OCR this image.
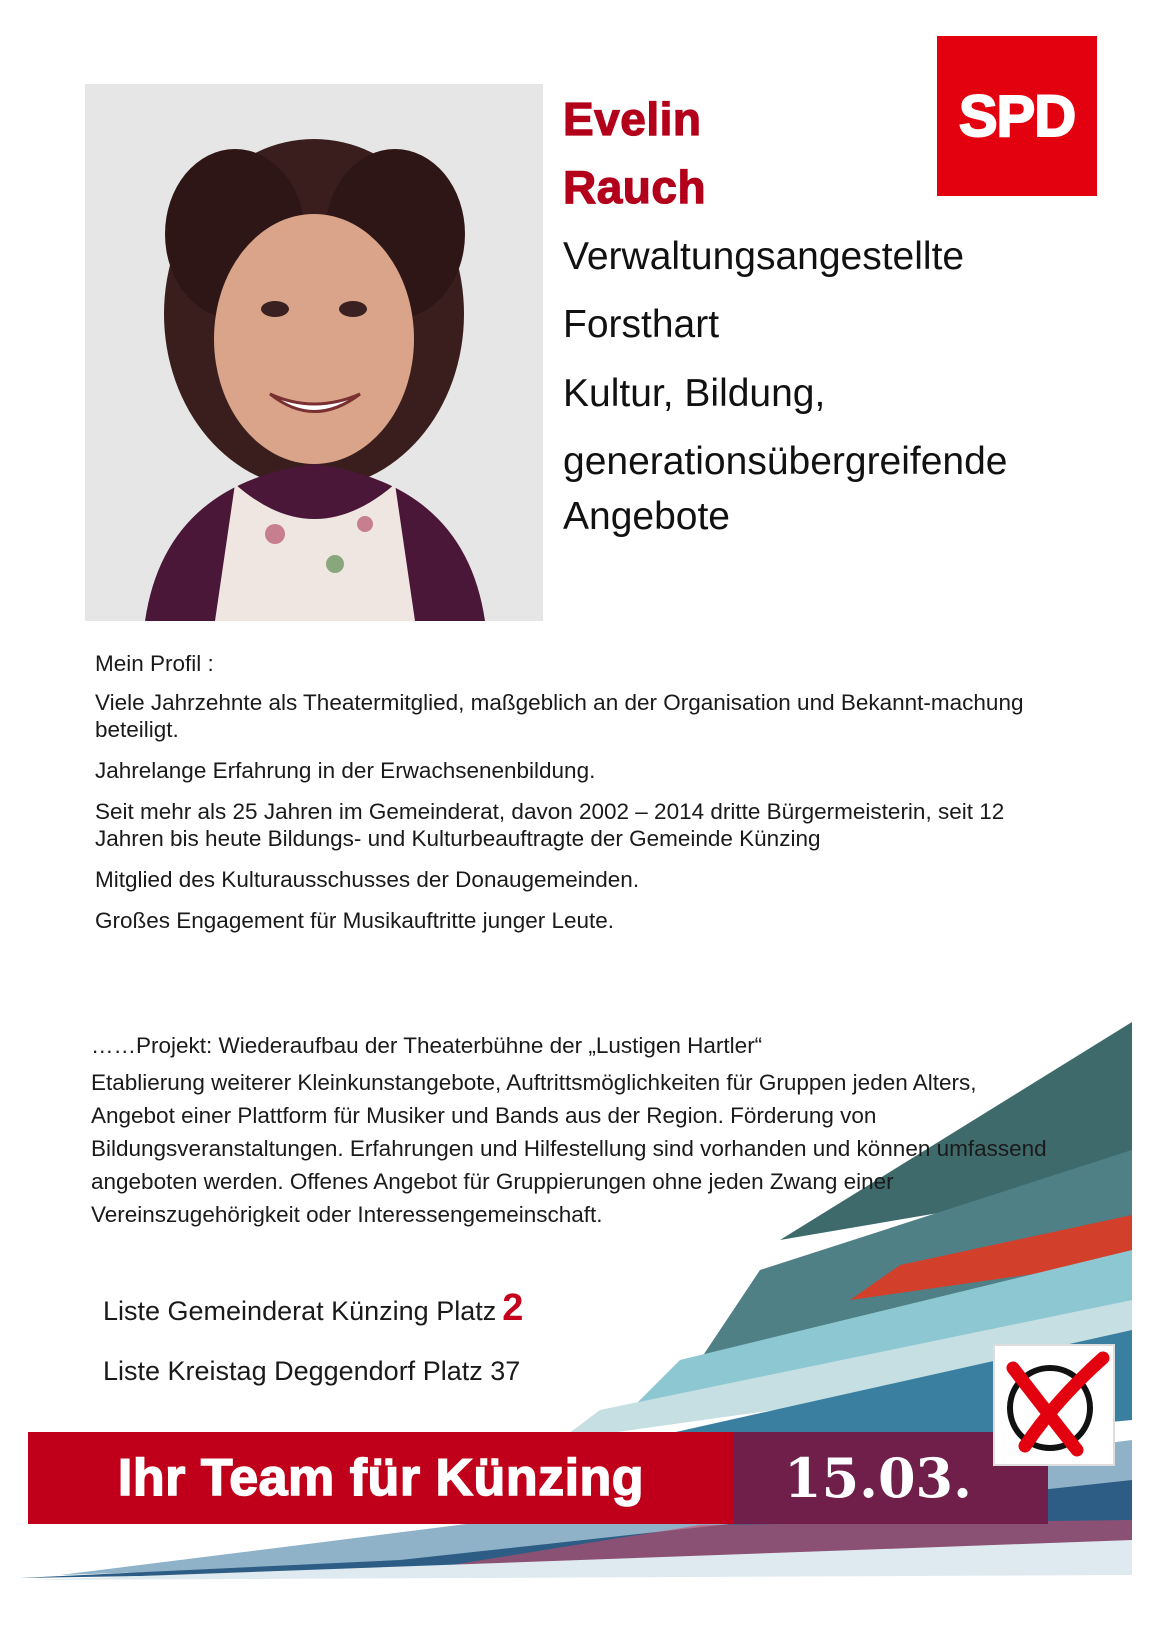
Evelin
Rauch

Verwaltungsangestellte

Forsthart

Kultur, Bildung,

generationsübergreifende

Angebote

SPD

Mein Profil :

Viele Jahrzehnte als Theatermitglied, maßgeblich an der Organisation und Bekannt-machung beteiligt.

Jahrelange Erfahrung in der Erwachsenenbildung.

Seit mehr als 25 Jahren im Gemeinderat, davon 2002 – 2014 dritte Bürgermeisterin, seit 12 Jahren bis heute Bildungs- und Kulturbeauftragte der Gemeinde Künzing

Mitglied des Kulturausschusses der Donaugemeinden.

Großes Engagement für Musikauftritte junger Leute.

……Projekt: Wiederaufbau der Theaterbühne der „Lustigen Hartler“

Etablierung weiterer Kleinkunstangebote, Auftrittsmöglichkeiten für Gruppen jeden Alters, Angebot einer Plattform für Musiker und Bands aus der Region. Förderung von Bildungsveranstaltungen. Erfahrungen und Hilfestellung sind vorhanden und können umfassend angeboten werden. Offenes Angebot für Gruppierungen ohne jeden Zwang einer Vereinszugehörigkeit oder Interessengemeinschaft.

Liste Gemeinderat Künzing Platz 2

Liste Kreistag Deggendorf Platz 37

Ihr Team für Künzing	15.03.
